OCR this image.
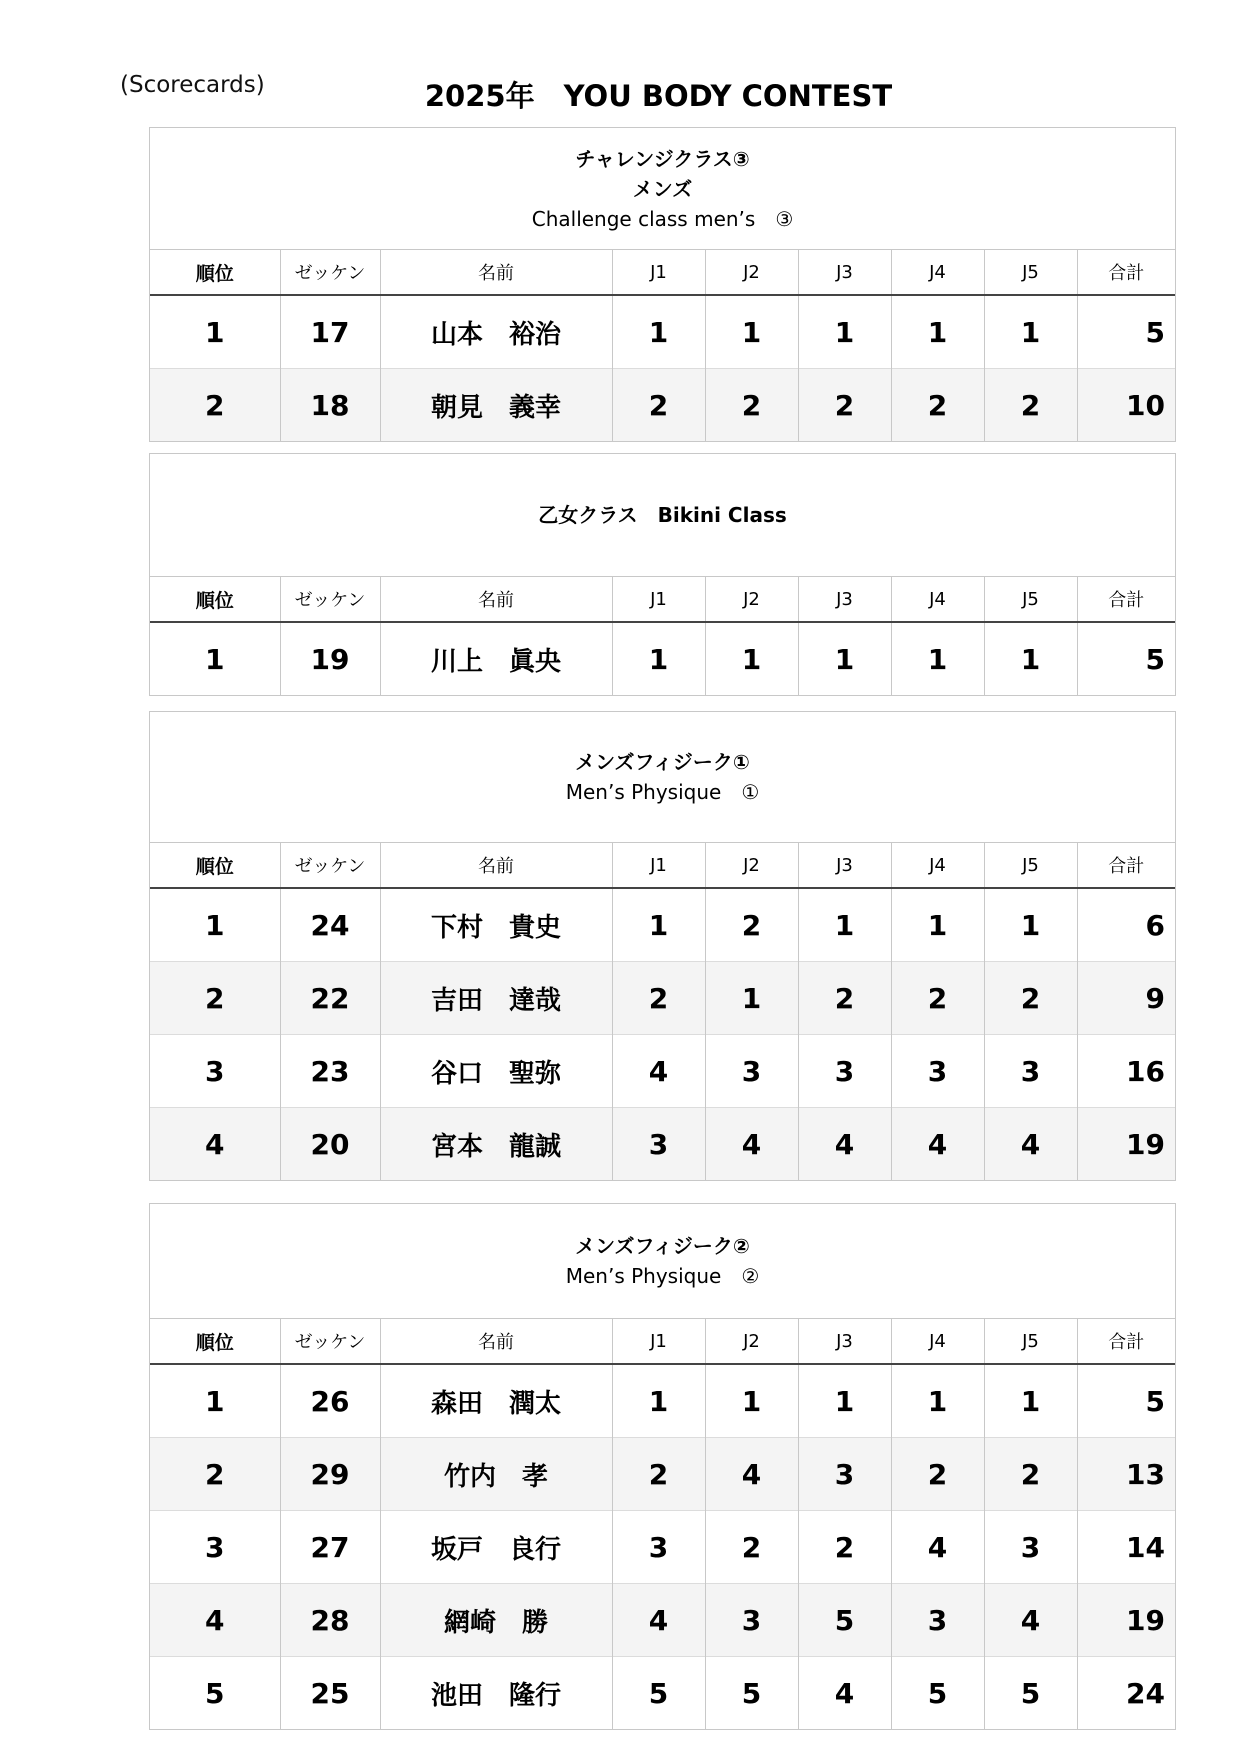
(Scorecards)	2025年　YOU BODY CONTEST
チャレンジクラス③
メンズ
Challenge class men’s　③
順位	ゼッケン	名前	J1	J2	J3	J4	J5	合計
1	17	山本　裕治	1	1	1	1	1	5
2	18	朝見　義幸	2	2	2	2	2	10
乙女クラス　Bikini Class
順位	ゼッケン	名前	J1	J2	J3	J4	J5	合計
1	19	川上　眞央	1	1	1	1	1	5
メンズフィジーク①
Men’s Physique　①
順位	ゼッケン	名前	J1	J2	J3	J4	J5	合計
1	24	下村　貴史	1	2	1	1	1	6
2	22	吉田　達哉	2	1	2	2	2	9
3	23	谷口　聖弥	4	3	3	3	3	16
4	20	宮本　龍誠	3	4	4	4	4	19
メンズフィジーク②
Men’s Physique　②
順位	ゼッケン	名前	J1	J2	J3	J4	J5	合計
1	26	森田　潤太	1	1	1	1	1	5
2	29	竹内　孝	2	4	3	2	2	13
3	27	坂戸　良行	3	2	2	4	3	14
4	28	網崎　勝	4	3	5	3	4	19
5	25	池田　隆行	5	5	4	5	5	24
